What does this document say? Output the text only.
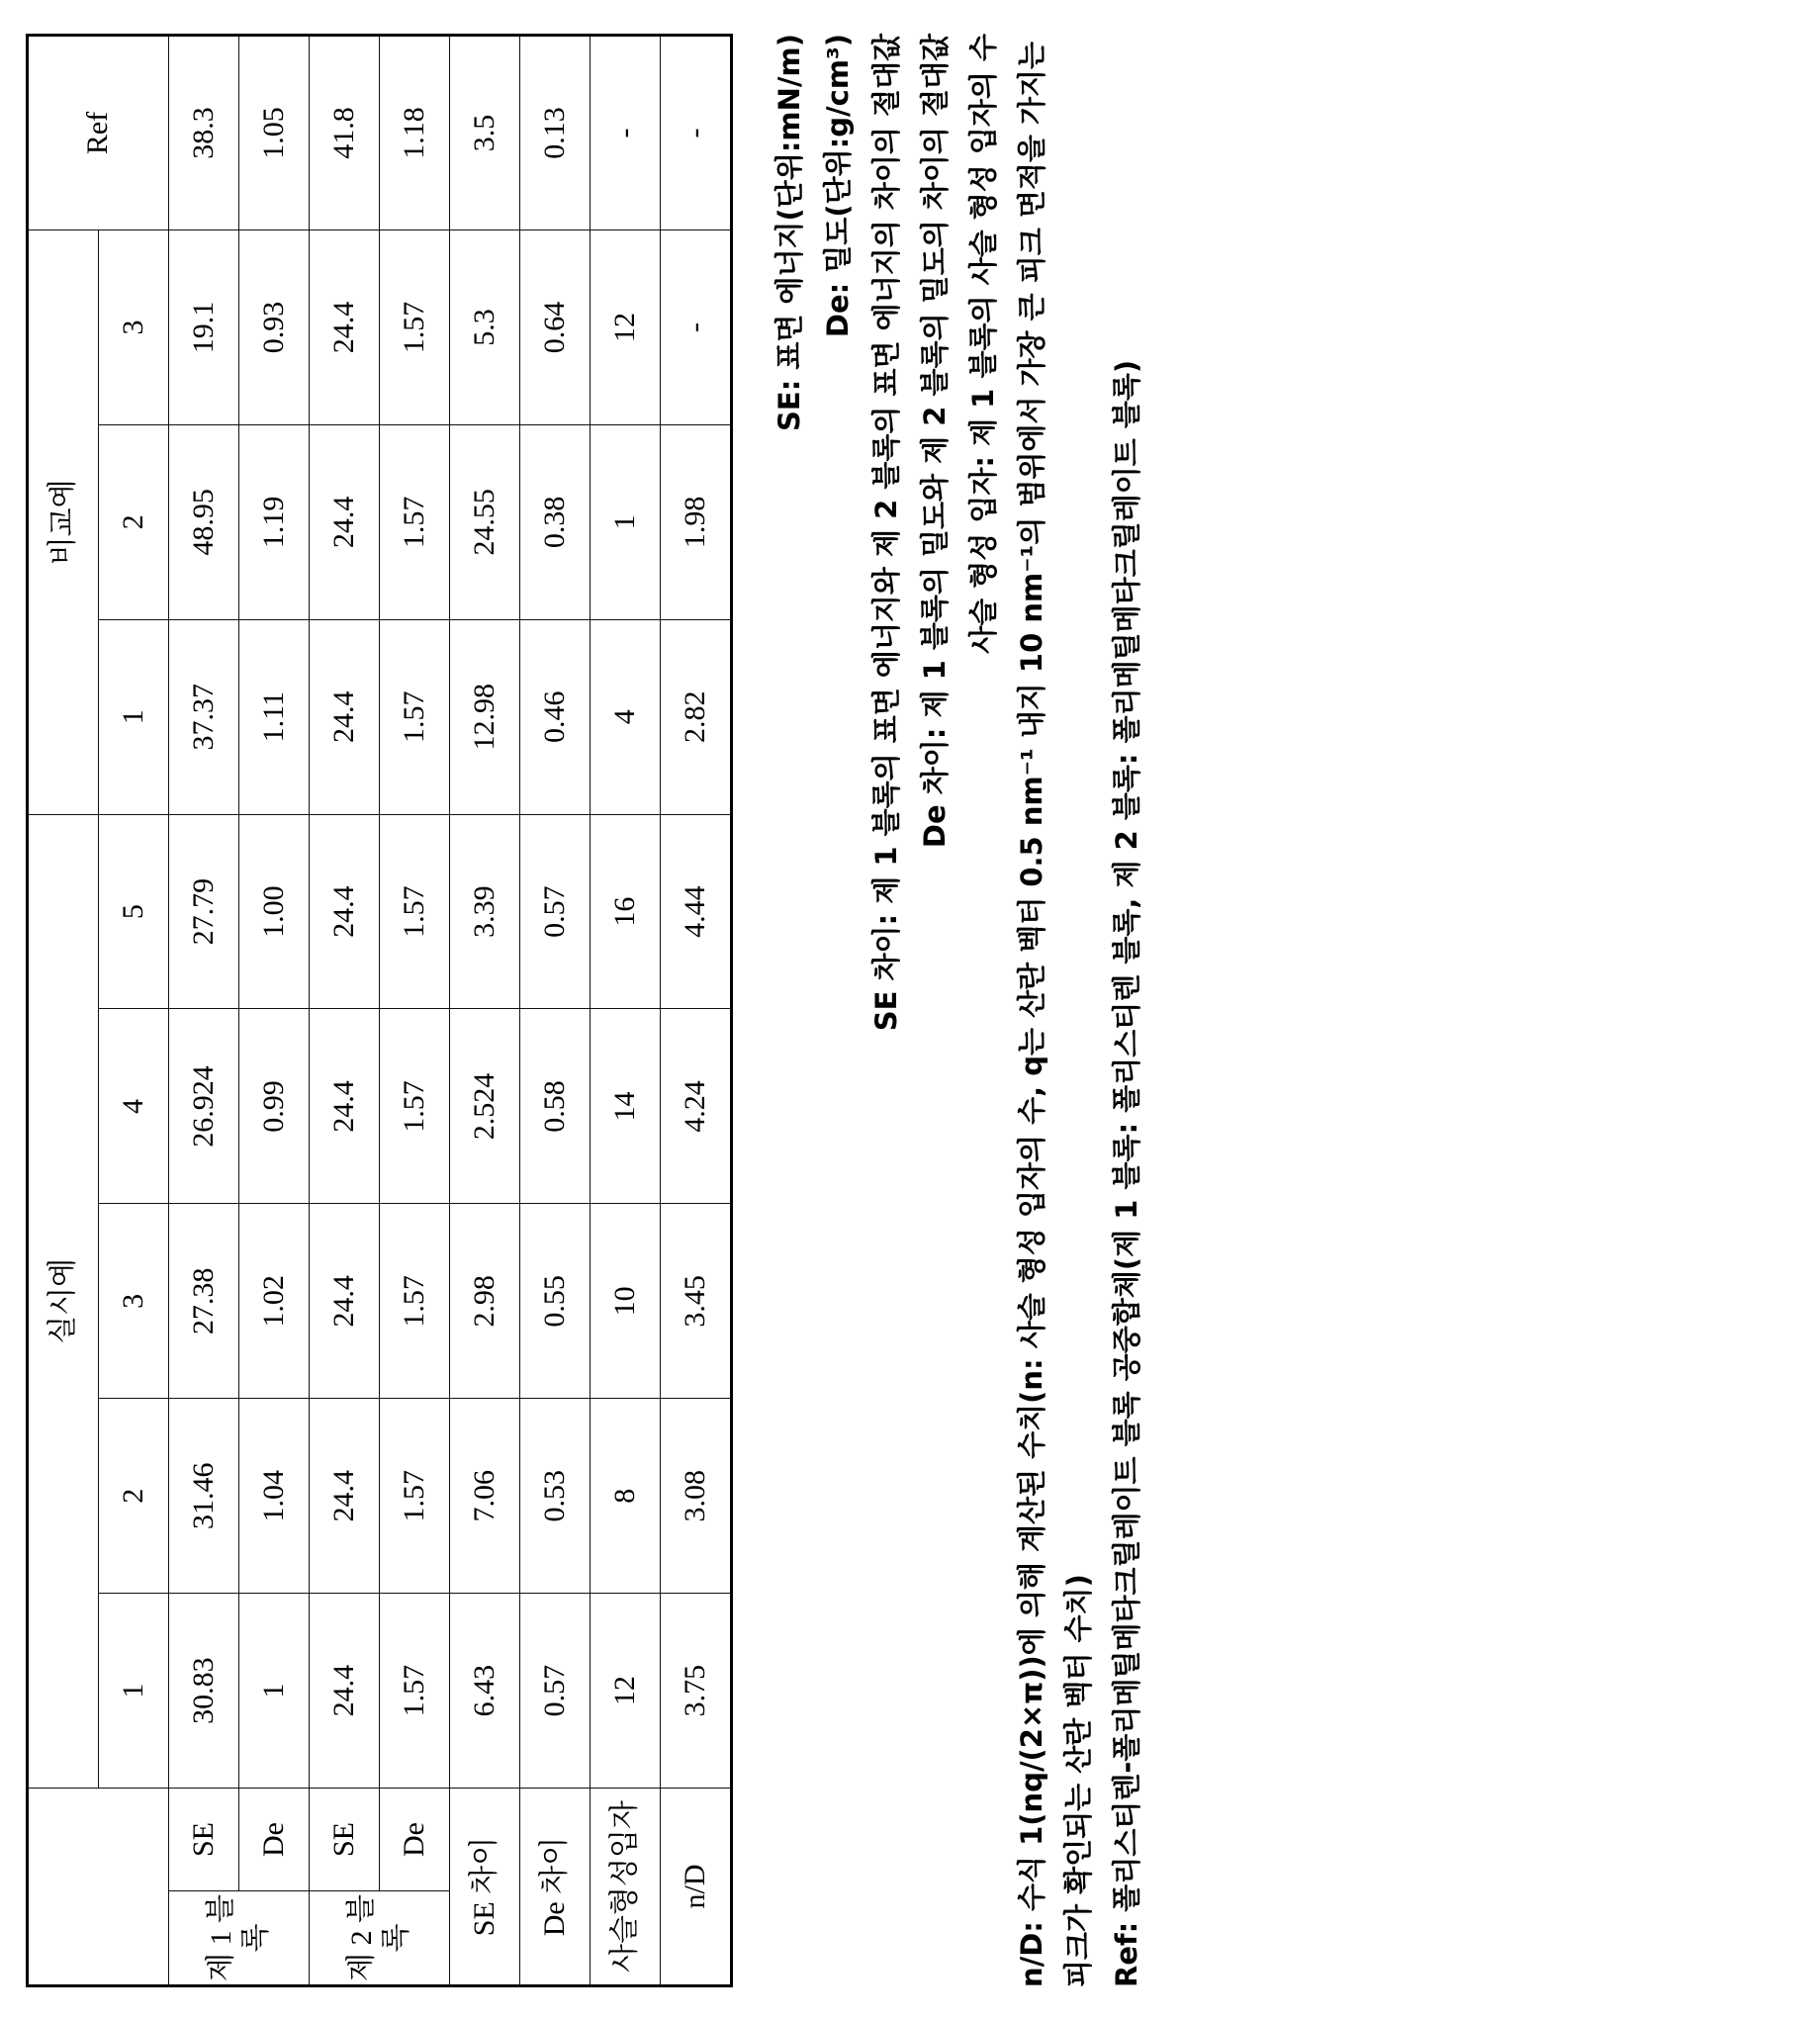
		실시예					비교예			Ref
		1	2	3	4	5	1	2	3	
제 1 블록	SE	30.83	31.46	27.38	26.924	27.79	37.37	48.95	19.1	38.3
	De	1	1.04	1.02	0.99	1.00	1.11	1.19	0.93	1.05
제 2 블록	SE	24.4	24.4	24.4	24.4	24.4	24.4	24.4	24.4	41.8
	De	1.57	1.57	1.57	1.57	1.57	1.57	1.57	1.57	1.18
SE 차이		6.43	7.06	2.98	2.524	3.39	12.98	24.55	5.3	3.5
De 차이		0.57	0.53	0.55	0.58	0.57	0.46	0.38	0.64	0.13
사슬형성입자		12	8	10	14	16	4	1	12	-
n/D		3.75	3.08	3.45	4.24	4.44	2.82	1.98	-	- SE: 표면 에너지(단위:mN/m) De: 밀도(단위:g/cm³) SE 차이: 제 1 블록의 표면 에너지와 제 2 블록의 표면 에너지의 차이의 절대값 De 차이: 제 1 블록의 밀도와 제 2 블록의 밀도의 차이의 절대값 사슬 형성 입자: 제 1 블록의 사슬 형성 입자의 수 n/D: 수식 1(nq/(2×π))에 의해 계산된 수치(n: 사슬 형성 입자의 수, q는 산란 벡터 0.5 nm⁻¹ 내지 10 nm⁻¹의 범위에서 가장 큰 피크 면적을 가지는 피크가 확인되는 산란 벡터 수치) Ref: 폴리스티렌-폴리메틸메타크릴레이트 블록 공중합체(제 1 블록: 폴리스티렌 블록, 제 2 블록: 폴리메틸메타크릴레이트 블록)
